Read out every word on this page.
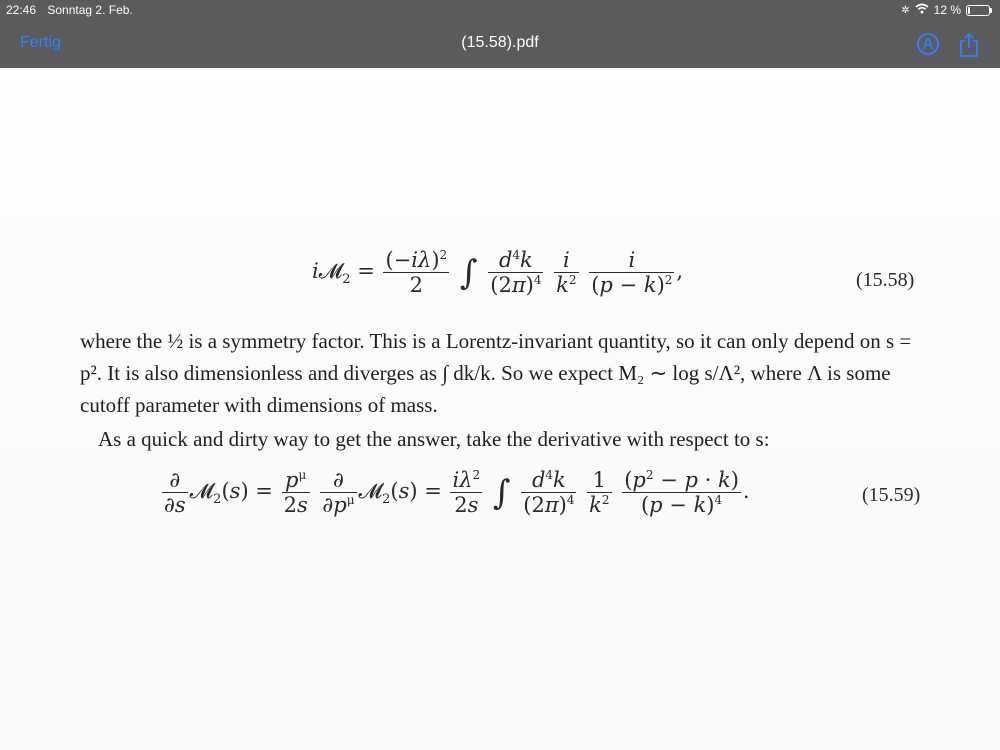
22:46 Sonntag 2. Feb.	✲ 12 %
Fertig	(15.58).pdf
i𝓜$_2$ = $\frac{(-i\lambda)^2}{2}$ ∫ $\frac{d^4k}{(2\pi)^4}$
$\frac{i}{k^2}$
$\frac{i}{(p - k)^2}$ ,	(15.58)
where the ½ is a symmetry factor. This is a Lorentz-invariant quantity, so it can only depend on s = p². It is also dimensionless and diverges as ∫ dk/k. So we expect M₂ ∼ log s/Λ², where Λ is some cutoff parameter with dimensions of mass.
As a quick and dirty way to get the answer, take the derivative with respect to s:
$\frac{\partial}{\partial s}$ 𝓜$_2$(s) = $\frac{p^\mu}{2s}$
$\frac{\partial}{\partial p^\mu}$ 𝓜$_2$(s) = $\frac{i\lambda^2}{2s}$ ∫ $\frac{d^4k}{(2\pi)^4}$
$\frac{1}{k^2}$
$\frac{(p^2 - p \cdot k)}{(p - k)^4}$ .	(15.59)
